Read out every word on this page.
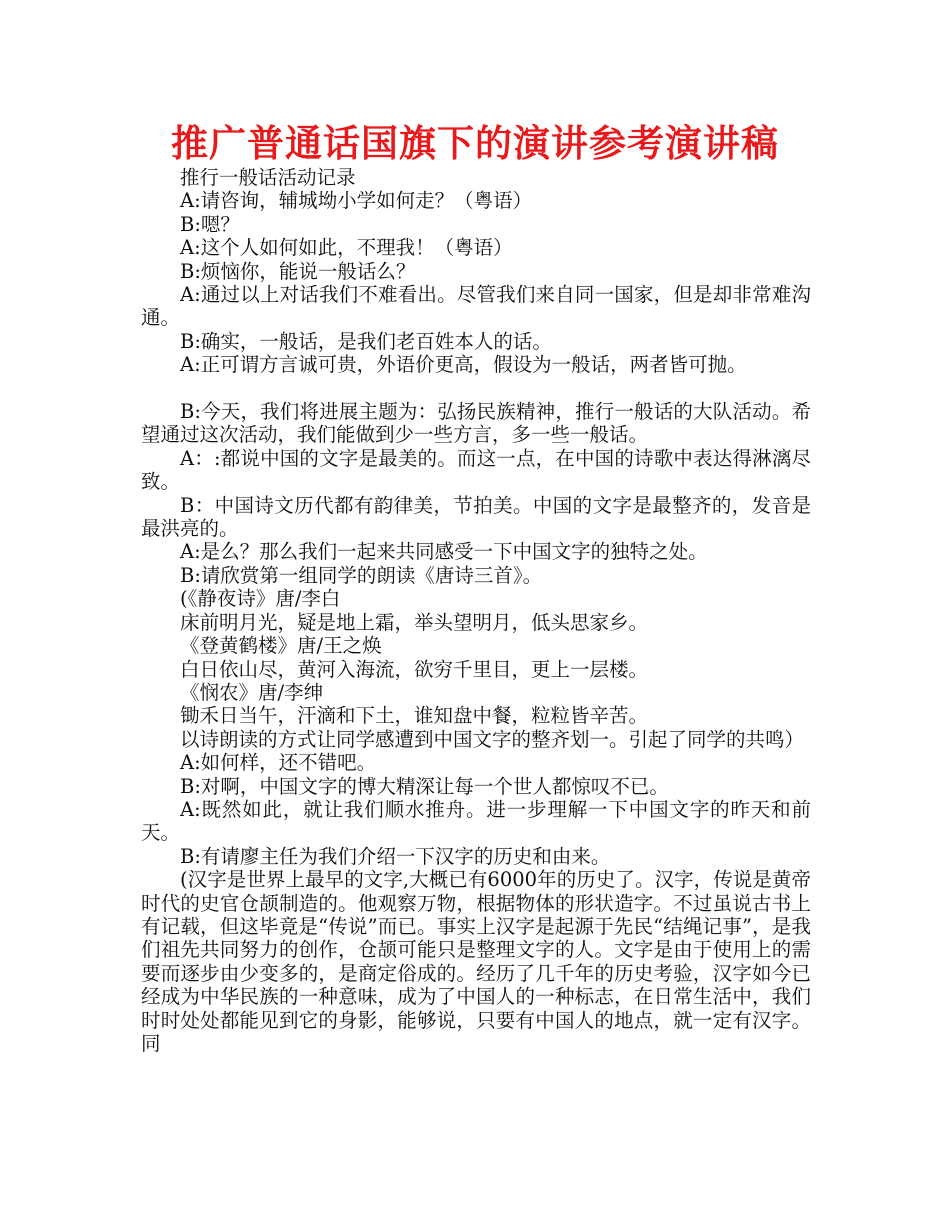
推广普通话国旗下的演讲参考演讲稿

推行一般话活动记录

A:请咨询，辅城坳小学如何走？（粤语）

B:嗯？

A:这个人如何如此，不理我！（粤语）

B:烦恼你，能说一般话么？

A:通过以上对话我们不难看出。尽管我们来自同一国家，但是却非常难沟通。

B:确实，一般话，是我们老百姓本人的话。

A:正可谓方言诚可贵，外语价更高，假设为一般话，两者皆可抛。

B:今天，我们将进展主题为：弘扬民族精神，推行一般话的大队活动。希望通过这次活动，我们能做到少一些方言，多一些一般话。

A：:都说中国的文字是最美的。而这一点，在中国的诗歌中表达得淋漓尽致。

B：中国诗文历代都有韵律美，节拍美。中国的文字是最整齐的，发音是最洪亮的。

A:是么？那么我们一起来共同感受一下中国文字的独特之处。

B:请欣赏第一组同学的朗读《唐诗三首》。

(《静夜诗》唐/李白

床前明月光，疑是地上霜，举头望明月，低头思家乡。

《登黄鹤楼》唐/王之焕

白日依山尽，黄河入海流，欲穷千里目，更上一层楼。

《悯农》唐/李绅

锄禾日当午，汗滴和下土，谁知盘中餐，粒粒皆辛苦。

以诗朗读的方式让同学感遭到中国文字的整齐划一。引起了同学的共鸣）

A:如何样，还不错吧。

B:对啊，中国文字的博大精深让每一个世人都惊叹不已。

A:既然如此，就让我们顺水推舟。进一步理解一下中国文字的昨天和前天。

B:有请廖主任为我们介绍一下汉字的历史和由来。

(汉字是世界上最早的文字,大概已有6000年的历史了。汉字，传说是黄帝时代的史官仓颉制造的。他观察万物，根据物体的形状造字。不过虽说古书上有记载，但这毕竟是“传说”而已。事实上汉字是起源于先民“结绳记事”，是我们祖先共同努力的创作，仓颉可能只是整理文字的人。文字是由于使用上的需要而逐步由少变多的，是商定俗成的。经历了几千年的历史考验，汉字如今已经成为中华民族的一种意味，成为了中国人的一种标志，在日常生活中，我们时时处处都能见到它的身影，能够说，只要有中国人的地点，就一定有汉字。同
